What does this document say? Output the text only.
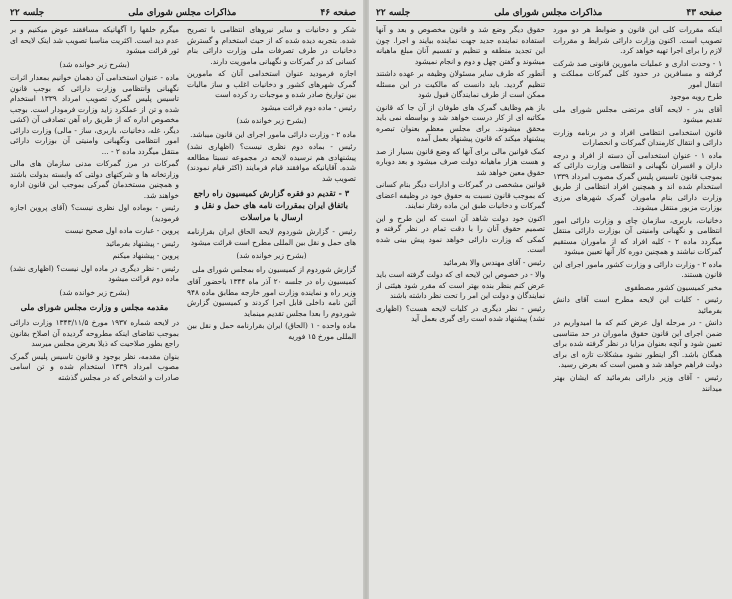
صفحه ۴۶
مذاکرات مجلس شورای ملی
جلسه ۲۲

شکر و دخانیات و سایر نیروهای انتظامی با تصریح شده. بتجربه دیده شده که از حیث استخدام و گسترش دخانیات در طرف تصرفات ملی وزارت دارائی بنام کسانی کد در گمرکات و نگهبانی ماموریت دارند.

اجازه فرمودید عنوان استخدامی آنان که مامورین گمرک شهرهای کشور و دخانیات اغلب و ساز مالیات بین تواریخ صادر شده و موجبات رد کرده است

رئیس - ماده دوم قرائت میشود

(بشرح زیر خوانده شد)

ماده ۲ - وزارت دارائی مامور اجرای این قانون میباشد.

رئیس - بماده دوم نظری نیست؟ (اظهاری نشد) پیشنهادی هم نرسیده لایحه در مجموعه نسبتا مطالعه شده. آقایانیکه موافقند قیام فرمایند (اکثر قیام نمودند) تصویب شد

۳ - تقدیم دو فقره گزارش کمیسیون راه راجع باتفاق ایران بمقررات نامه های حمل و نقل و ارسال با مراسلات

رئیس - گزارش شوردوم لایحه الحاق ایران بقرارنامه های حمل و نقل بین المللی مطرح است قرائت میشود

(بشرح زیر خوانده شد)

گزارش شوردوم از کمیسیون راه بمجلس شورای ملی

کمیسیون راه در جلسه ۲۰ آذر ماه ۱۳۴۴ باحضور آقای وزیر راه و نماینده وزارت امور خارجه مطابق ماده ۹۴۸ آئین نامه داخلی قابل اجرا کردند و کمیسیون گزارش شوردوم را بعدا مجلس تقدیم مینماید

ماده واحده - ۱ (الحاق) ایران بقرارنامه حمل و نقل بین المللی مورخ ۱۵ فوریه

میگرم خلقها را آگهانیکه مسافقند عوض میکنیم و بر عدم دید است. اکثریت مناسبا تصویب شد اینک لایحه ای ثور قرائت میشود

(بشرح زیر خوانده شد)

ماده - عنوان استخدامی آن دهمان خوانیم بمعدار اثرات نگهبانی وانتظامی وزارت دارائی که بوجب قانون تاسیس پلیس گمرک تصویب امرداد ۱۳۳۹ استخدام شده و تن از عملکرد زاید وزارت فرمودار است. بوجب مخصوص اداره که از طریق راه آهن تصادفی آن (کشی دیگر، غله، دخانیات، باربری، ساز - مالی) وزارت دارائی امور انتظامی ونگهبانی وامنیتی آن بوزارت دارائی منتقل میگردد ماده ۲ - ...

گمرکات در مرز گمرکات مدنی سازمان های مالی وزارتخانه ها و شرکتهای دولتی که وابسته بدولت باشند و همچنین مستخدمان گمرکی بموجب این قانون اداره خواهند شد.

رئیس - بوماده اول نظری نیست؟ (آقای پروین اجازه فرمودید)

پروین - عبارت ماده اول صحیح نیست

رئیس - پیشنهاد بفرمائید

پروین - پیشنهاد میکنم

رئیس - نظر دیگری در ماده اول نیست؟ (اظهاری نشد) ماده دوم قرائت میشود

(بشرح زیر خوانده شد)
مقدمه مجلس و وزارت مجلس شورای ملی

در لایحه شماره ۱۹۳۷ مورخ ۱۳۴۳/۱۱/۵ وزارت دارائی بموجب تقاضای اینکه مطروحه گردیده آن اصلاح بقانون راجع بطور صلاحیت که ذیلا بعرض مجلس میرسد

بنوان مقدمه، نظر بوجود و قانون تاسیس پلیس گمرک مصوب امرداد ۱۳۳۹ استخدام شده و تن اسامی صادرات و اشخاص که در مجلس گذشته

صفحه ۴۳
مذاکرات مجلس شورای ملی
جلسه ۲۲

اینکه مقررات کلی این قانون و ضوابط هر دو مورد تصویب است. اکنون وزارت دارائی شرایط و مقررات لازم را برای اجرا تهیه خواهد کرد.

۱ - وحدت اداری و عملیات مامورین قانونی صد شرکت گرفته و مسافرین در حدود کلی گمرکات مملکت و انتقال امور

طرح رویه موجود

آقای بدر - لایحه آقای مرتضی مجلس شورای ملی تقدیم میشود

قانون استخدامی انتظامی افراد و در برنامه وزارت دارائی و انتقال کارمندان گمرکات و انحصارات

ماده ۱ - عنوان استخدامی آن دسته از افراد و درجه داران و افسران نگهبانی و انتظامی وزارت دارائی که بموجب قانون تاسیس پلیس گمرک مصوب امرداد ۱۳۳۹ استخدام شده اند و همچنین افراد انتظامی از طریق وزارت دارائی بنام ماموران گمرک شهرهای مرزی بوزارت مزبور منتقل میشوند.

دخانیات، باربری، سازمان چای و وزارت دارائی امور انتظامی و نگهبانی وامنیتی آن بوزارت دارائی منتقل میگردد ماده ۲ - کلیه افراد که از ماموران مستقیم گمرکات نباشند و همچنین دوره کار آنها تعیین میشود

ماده ۲ - وزارت دارائی و وزارت کشور مامور اجرای این قانون هستند.

مخبر کمیسیون کشور مصطفوی

رئیس - کلیات این لایحه مطرح است آقای دانش بفرمائید

دانش - در مرحله اول عرض کنم که ما امیدواریم در ضمن اجرای این قانون حقوق ماموران در حد متناسبی تعیین شود و آنچه بعنوان مزایا در نظر گرفته شده برای همگان باشد. اگر اینطور نشود مشکلات تازه ای برای دولت فراهم خواهد شد و همین است که بعرض رسید.

رئیس - آقای وزیر دارائی بفرمائید که ایشان بهتر میدانند

حقوق دیگر وضع شد و قانون مخصوص و بعد و آنها استفاده نماینده جدید جهت نماینده بیایند و اجرا. چون این تجدید منطقه و تنظیم و تقسیم آنان مبلغ ماهیانه میشوند و گفتن چهل و دوم و انجام نمیشود

آنطور که طرف سایر مسئولان وظیفه بر عهده داشتند تنظیم گردید. باید دانست که مالکیت در این مسئله ممکن است از طرف نمایندگان قبول شود

باز هم وظایف گمرک های طوفان از آن جا که قانون مکاتبه ای از کار درست خواهد شد و بواسطه نمی باید محقق میشوند. برای مجلس معظم بعنوان تبصره پیشنهاد میکند که قانون پیشنهاد بعمل آمده

کمک قوانین مالی برای آنها که وضع قانون بسیار از صد و هست هزار ماهیانه دولت صرف میشود و بعد دوباره حقوق معین خواهد شد

قوانین مشخصی در گمرکات و ادارات دیگر بنام کسانی که بموجب قانون نسبت به حقوق خود در وظیفه اعضای گمرکات و دخانیات طبق این ماده رفتار نمایند.

اکنون خود دولت شاهد آن است که این طرح و این تصمیم حقوق آنان را با دقت تمام در نظر گرفته و کمکی که وزارت دارائی خواهد نمود پیش بینی شده است.

رئیس - آقای مهندس والا بفرمائید

والا - در خصوص این لایحه ای که دولت گرفته است باید عرض کنم بنظر بنده بهتر است که مقرر شود هیئتی از نمایندگان و دولت این امر را تحت نظر داشته باشند

رئیس - نظر دیگری در کلیات لایحه هست؟ (اظهاری نشد) پیشنهاد شده است رای گیری بعمل آید
